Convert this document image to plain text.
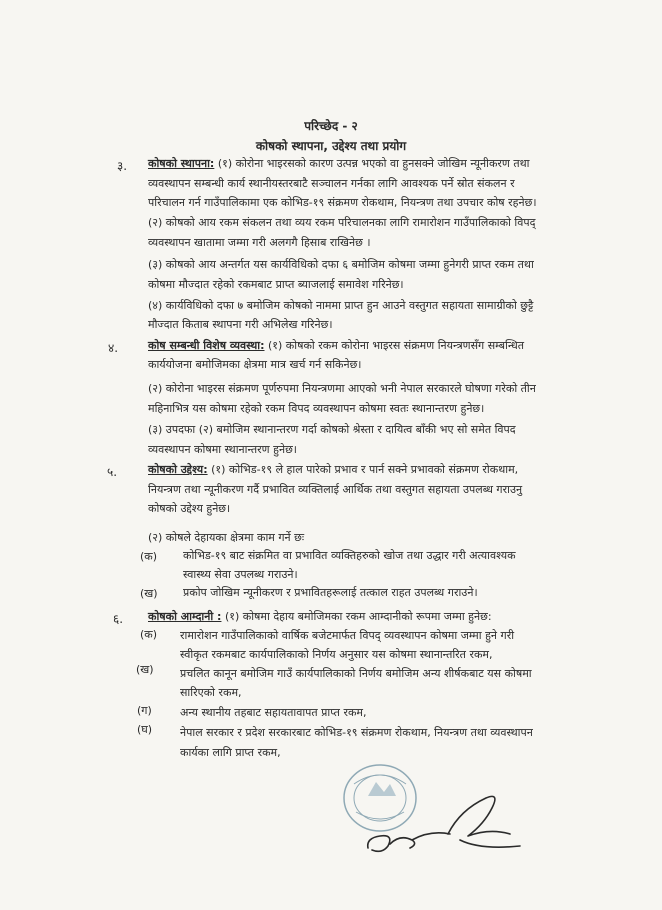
परिच्छेद - २
कोषको स्थापना, उद्देश्य तथा प्रयोग
३. कोषको स्थापना: (१) कोरोना भाइरसको कारण उत्पन्न भएको वा हुनसक्ने जोखिम न्यूनीकरण तथा
व्यवस्थापन सम्बन्धी कार्य स्थानीयस्तरबाटै सञ्चालन गर्नका लागि आवश्यक पर्ने स्रोत संकलन र
परिचालन गर्न गाउँपालिकामा एक कोभिड-१९ संक्रमण रोकथाम, नियन्त्रण तथा उपचार कोष रहनेछ।
(२) कोषको आय रकम संकलन तथा व्यय रकम परिचालनका लागि रामारोशन गाउँपालिकाको विपद्
व्यवस्थापन खातामा जम्मा गरी अलगगै हिसाब राखिनेछ ।
(३) कोषको आय अन्तर्गत यस कार्यविधिको दफा ६ बमोजिम कोषमा जम्मा हुनेगरी प्राप्त रकम तथा
कोषमा मौज्दात रहेको रकमबाट प्राप्त ब्याजलाई समावेश गरिनेछ।
(४) कार्यविधिको दफा ७ बमोजिम कोषको नाममा प्राप्त हुन आउने वस्तुगत सहायता सामाग्रीको छुट्टै
मौज्दात किताब स्थापना गरी अभिलेख गरिनेछ।
४.	कोष सम्बन्धी विशेष व्यवस्था: (१) कोषको रकम कोरोना भाइरस संक्रमण नियन्त्रणसँग सम्बन्धित
कार्ययोजना बमोजिमका क्षेत्रमा मात्र खर्च गर्न सकिनेछ।
(२) कोरोना भाइरस संक्रमण पूर्णरुपमा नियन्त्रणमा आएको भनी नेपाल सरकारले घोषणा गरेको तीन
महिनाभित्र यस कोषमा रहेको रकम विपद व्यवस्थापन कोषमा स्वतः स्थानान्तरण हुनेछ।
(३) उपदफा (२) बमोजिम स्थानान्तरण गर्दा कोषको श्रेस्ता र दायित्व बाँकी भए सो समेत विपद
व्यवस्थापन कोषमा स्थानान्तरण हुनेछ।
५.	कोषको उद्देश्य: (१) कोभिड-१९ ले हाल पारेको प्रभाव र पार्न सक्ने प्रभावको संक्रमण रोकथाम,
नियन्त्रण तथा न्यूनीकरण गर्दै प्रभावित व्यक्तिलाई आर्थिक तथा वस्तुगत सहायता उपलब्ध गराउनु
कोषको उद्देश्य हुनेछ।
(२) कोषले देहायका क्षेत्रमा काम गर्ने छः
(क) कोभिड-१९ बाट संक्रमित वा प्रभावित व्यक्तिहरुको खोज तथा उद्धार गरी अत्यावश्यक
स्वास्थ्य सेवा उपलब्ध गराउने।
(ख) प्रकोप जोखिम न्यूनीकरण र प्रभावितहरूलाई तत्काल राहत उपलब्ध गराउने।
६. कोषको आम्दानी : (१) कोषमा देहाय बमोजिमका रकम आम्दानीको रूपमा जम्मा हुनेछ:
(क) रामारोशन गाउँपालिकाको वार्षिक बजेटमार्फत विपद् व्यवस्थापन कोषमा जम्मा हुने गरी
स्वीकृत रकमबाट कार्यपालिकाको निर्णय अनुसार यस कोषमा स्थानान्तरित रकम,
(ख) प्रचलित कानून बमोजिम गाउँ कार्यपालिकाको निर्णय बमोजिम अन्य शीर्षकबाट यस कोषमा
सारिएको रकम,
(ग)	अन्य स्थानीय तहबाट सहायतावापत प्राप्त रकम,
(घ)	नेपाल सरकार र प्रदेश सरकारबाट कोभिड-१९ संक्रमण रोकथाम, नियन्त्रण तथा व्यवस्थापन
कार्यका लागि प्राप्त रकम,
